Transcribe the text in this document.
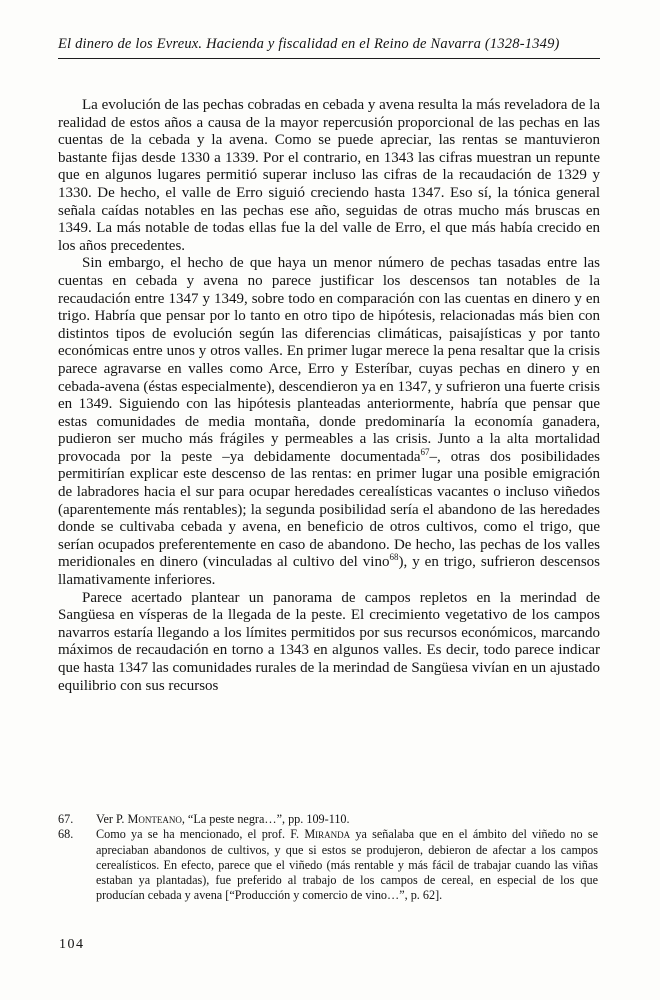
El dinero de los Evreux. Hacienda y fiscalidad en el Reino de Navarra (1328-1349)

La evolución de las pechas cobradas en cebada y avena resulta la más reveladora de la realidad de estos años a causa de la mayor repercusión proporcional de las pechas en las cuentas de la cebada y la avena. Como se puede apreciar, las rentas se mantuvieron bastante fijas desde 1330 a 1339. Por el contrario, en 1343 las cifras muestran un repunte que en algunos lugares permitió superar incluso las cifras de la recaudación de 1329 y 1330. De hecho, el valle de Erro siguió creciendo hasta 1347. Eso sí, la tónica general señala caídas notables en las pechas ese año, seguidas de otras mucho más bruscas en 1349. La más notable de todas ellas fue la del valle de Erro, el que más había crecido en los años precedentes.

Sin embargo, el hecho de que haya un menor número de pechas tasadas entre las cuentas en cebada y avena no parece justificar los descensos tan notables de la recaudación entre 1347 y 1349, sobre todo en comparación con las cuentas en dinero y en trigo. Habría que pensar por lo tanto en otro tipo de hipótesis, relacionadas más bien con distintos tipos de evolución según las diferencias climáticas, paisajísticas y por tanto económicas entre unos y otros valles. En primer lugar merece la pena resaltar que la crisis parece agravarse en valles como Arce, Erro y Esteríbar, cuyas pechas en dinero y en cebada-avena (éstas especialmente), descendieron ya en 1347, y sufrieron una fuerte crisis en 1349. Siguiendo con las hipótesis planteadas anteriormente, habría que pensar que estas comunidades de media montaña, donde predominaría la economía ganadera, pudieron ser mucho más frágiles y permeables a las crisis. Junto a la alta mortalidad provocada por la peste –ya debidamente documentada$^{67}$–, otras dos posibilidades permitirían explicar este descenso de las rentas: en primer lugar una posible emigración de labradores hacia el sur para ocupar heredades cerealísticas vacantes o incluso viñedos (aparentemente más rentables); la segunda posibilidad sería el abandono de las heredades donde se cultivaba cebada y avena, en beneficio de otros cultivos, como el trigo, que serían ocupados preferentemente en caso de abandono. De hecho, las pechas de los valles meridionales en dinero (vinculadas al cultivo del vino$^{68}$), y en trigo, sufrieron descensos llamativamente inferiores.

Parece acertado plantear un panorama de campos repletos en la merindad de Sangüesa en vísperas de la llegada de la peste. El crecimiento vegetativo de los campos navarros estaría llegando a los límites permitidos por sus recursos económicos, marcando máximos de recaudación en torno a 1343 en algunos valles. Es decir, todo parece indicar que hasta 1347 las comunidades rurales de la merindad de Sangüesa vivían en un ajustado equilibrio con sus recursos

67.	Ver P. Monteano, “La peste negra…”, pp. 109-110.
68.	Como ya se ha mencionado, el prof. F. Miranda ya señalaba que en el ámbito del viñedo no se apreciaban abandonos de cultivos, y que si estos se produjeron, debieron de afectar a los campos cerealísticos. En efecto, parece que el viñedo (más rentable y más fácil de trabajar cuando las viñas estaban ya plantadas), fue preferido al trabajo de los campos de cereal, en especial de los que producían cebada y avena [“Producción y comercio de vino…”, p. 62].
104
